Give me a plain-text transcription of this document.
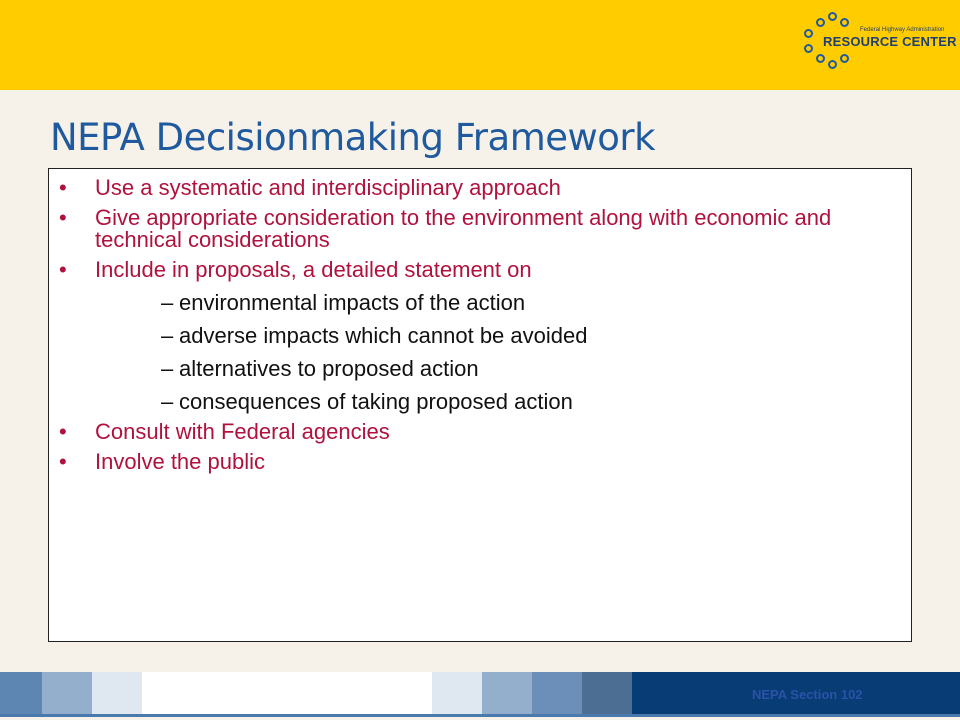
Federal Highway Administration
RESOURCE CENTER
NEPA Decisionmaking Framework
• Use a systematic and interdisciplinary approach
• Give appropriate consideration to the environment along with economic and technical considerations
• Include in proposals, a detailed statement on
– environmental impacts of the action
– adverse impacts which cannot be avoided
– alternatives to proposed action
– consequences of taking proposed action
• Consult with Federal agencies
• Involve the public
NEPA Section 102
